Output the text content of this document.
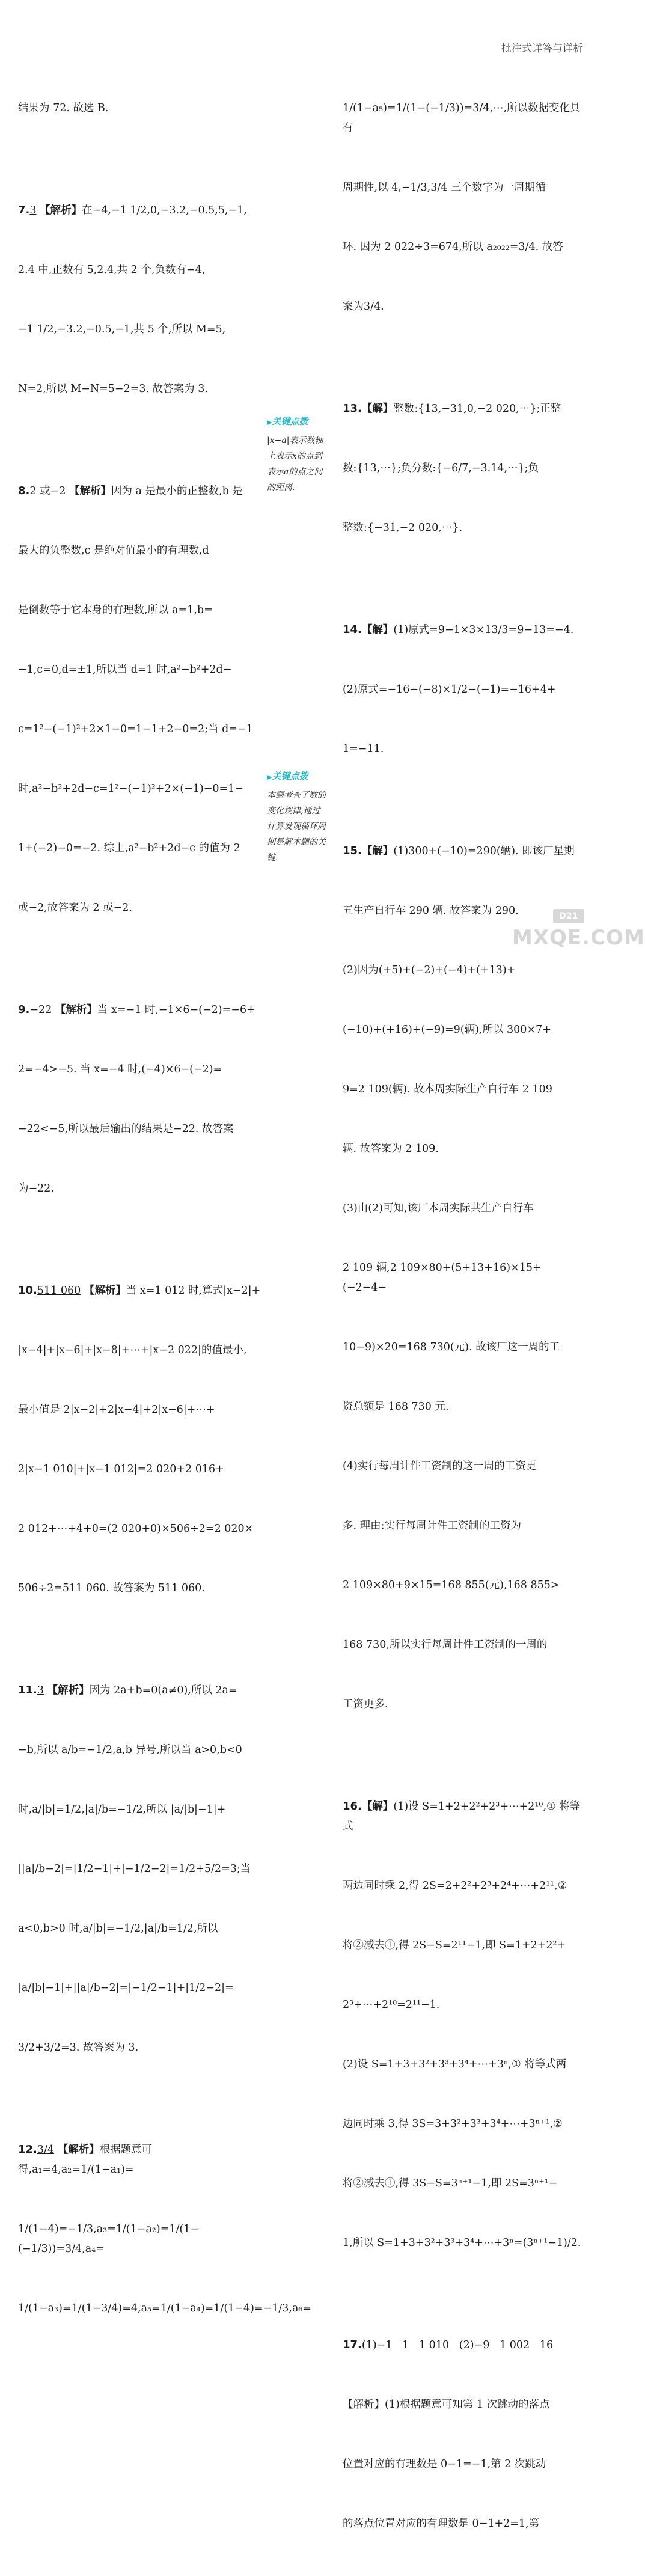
批注式详答与详析

结果为 72. 故选 B.

7.3 【解析】在−4,−1 1/2,0,−3.2,−0.5,5,−1,

2.4 中,正数有 5,2.4,共 2 个,负数有−4,

−1 1/2,−3.2,−0.5,−1,共 5 个,所以 M=5,

N=2,所以 M−N=5−2=3. 故答案为 3.

8.2 或−2 【解析】因为 a 是最小的正整数,b 是

最大的负整数,c 是绝对值最小的有理数,d

是倒数等于它本身的有理数,所以 a=1,b=

−1,c=0,d=±1,所以当 d=1 时,a²−b²+2d−

c=1²−(−1)²+2×1−0=1−1+2−0=2;当 d=−1

时,a²−b²+2d−c=1²−(−1)²+2×(−1)−0=1−

1+(−2)−0=−2. 综上,a²−b²+2d−c 的值为 2

或−2,故答案为 2 或−2.

9.−22 【解析】当 x=−1 时,−1×6−(−2)=−6+

2=−4>−5. 当 x=−4 时,(−4)×6−(−2)=

−22<−5,所以最后输出的结果是−22. 故答案

为−22.

10.511 060 【解析】当 x=1 012 时,算式|x−2|+

|x−4|+|x−6|+|x−8|+⋯+|x−2 022|的值最小,

最小值是 2|x−2|+2|x−4|+2|x−6|+⋯+

2|x−1 010|+|x−1 012|=2 020+2 016+

2 012+⋯+4+0=(2 020+0)×506÷2=2 020×

506÷2=511 060. 故答案为 511 060.

11.3 【解析】因为 2a+b=0(a≠0),所以 2a=

−b,所以 a/b=−1/2,a,b 异号,所以当 a>0,b<0

时,a/|b|=1/2,|a|/b=−1/2,所以 |a/|b|−1|+

||a|/b−2|=|1/2−1|+|−1/2−2|=1/2+5/2=3;当

a<0,b>0 时,a/|b|=−1/2,|a|/b=1/2,所以

|a/|b|−1|+||a|/b−2|=|−1/2−1|+|1/2−2|=

3/2+3/2=3. 故答案为 3.

12.3/4 【解析】根据题意可得,a₁=4,a₂=1/(1−a₁)=

1/(1−4)=−1/3,a₃=1/(1−a₂)=1/(1−(−1/3))=3/4,a₄=

1/(1−a₃)=1/(1−3/4)=4,a₅=1/(1−a₄)=1/(1−4)=−1/3,a₆=

▶ 关键点拨
|x−a|表示数轴上表示x的点到表示a的点之间的距离.
▶ 关键点拨
本题考查了数的变化规律,通过计算发现循环周期是解本题的关键.

1/(1−a₅)=1/(1−(−1/3))=3/4,⋯,所以数据变化具有

周期性,以 4,−1/3,3/4 三个数字为一周期循

环. 因为 2 022÷3=674,所以 a₂₀₂₂=3/4. 故答

案为3/4.

13.【解】整数:{13,−31,0,−2 020,⋯};正整

数:{13,⋯};负分数:{−6/7,−3.14,⋯};负

整数:{−31,−2 020,⋯}.

14.【解】(1)原式=9−1×3×13/3=9−13=−4.

(2)原式=−16−(−8)×1/2−(−1)=−16+4+

1=−11.

15.【解】(1)300+(−10)=290(辆). 即该厂星期

五生产自行车 290 辆. 故答案为 290.

(2)因为(+5)+(−2)+(−4)+(+13)+

(−10)+(+16)+(−9)=9(辆),所以 300×7+

9=2 109(辆). 故本周实际生产自行车 2 109

辆. 故答案为 2 109.

(3)由(2)可知,该厂本周实际共生产自行车

2 109 辆,2 109×80+(5+13+16)×15+(−2−4−

10−9)×20=168 730(元). 故该厂这一周的工

资总额是 168 730 元.

(4)实行每周计件工资制的这一周的工资更

多. 理由:实行每周计件工资制的工资为

2 109×80+9×15=168 855(元),168 855>

168 730,所以实行每周计件工资制的一周的

工资更多.

16.【解】(1)设 S=1+2+2²+2³+⋯+2¹⁰,① 将等式

两边同时乘 2,得 2S=2+2²+2³+2⁴+⋯+2¹¹,②

将②减去①,得 2S−S=2¹¹−1,即 S=1+2+2²+

2³+⋯+2¹⁰=2¹¹−1.

(2)设 S=1+3+3²+3³+3⁴+⋯+3ⁿ,① 将等式两

边同时乘 3,得 3S=3+3²+3³+3⁴+⋯+3ⁿ⁺¹,②

将②减去①,得 3S−S=3ⁿ⁺¹−1,即 2S=3ⁿ⁺¹−

1,所以 S=1+3+3²+3³+3⁴+⋯+3ⁿ=(3ⁿ⁺¹−1)/2.

17.(1)−1   1   1 010   (2)−9   1 002   16

【解析】(1)根据题意可知第 1 次跳动的落点

位置对应的有理数是 0−1=−1,第 2 次跳动

的落点位置对应的有理数是 0−1+2=1,第

D21
MXQE.COM
